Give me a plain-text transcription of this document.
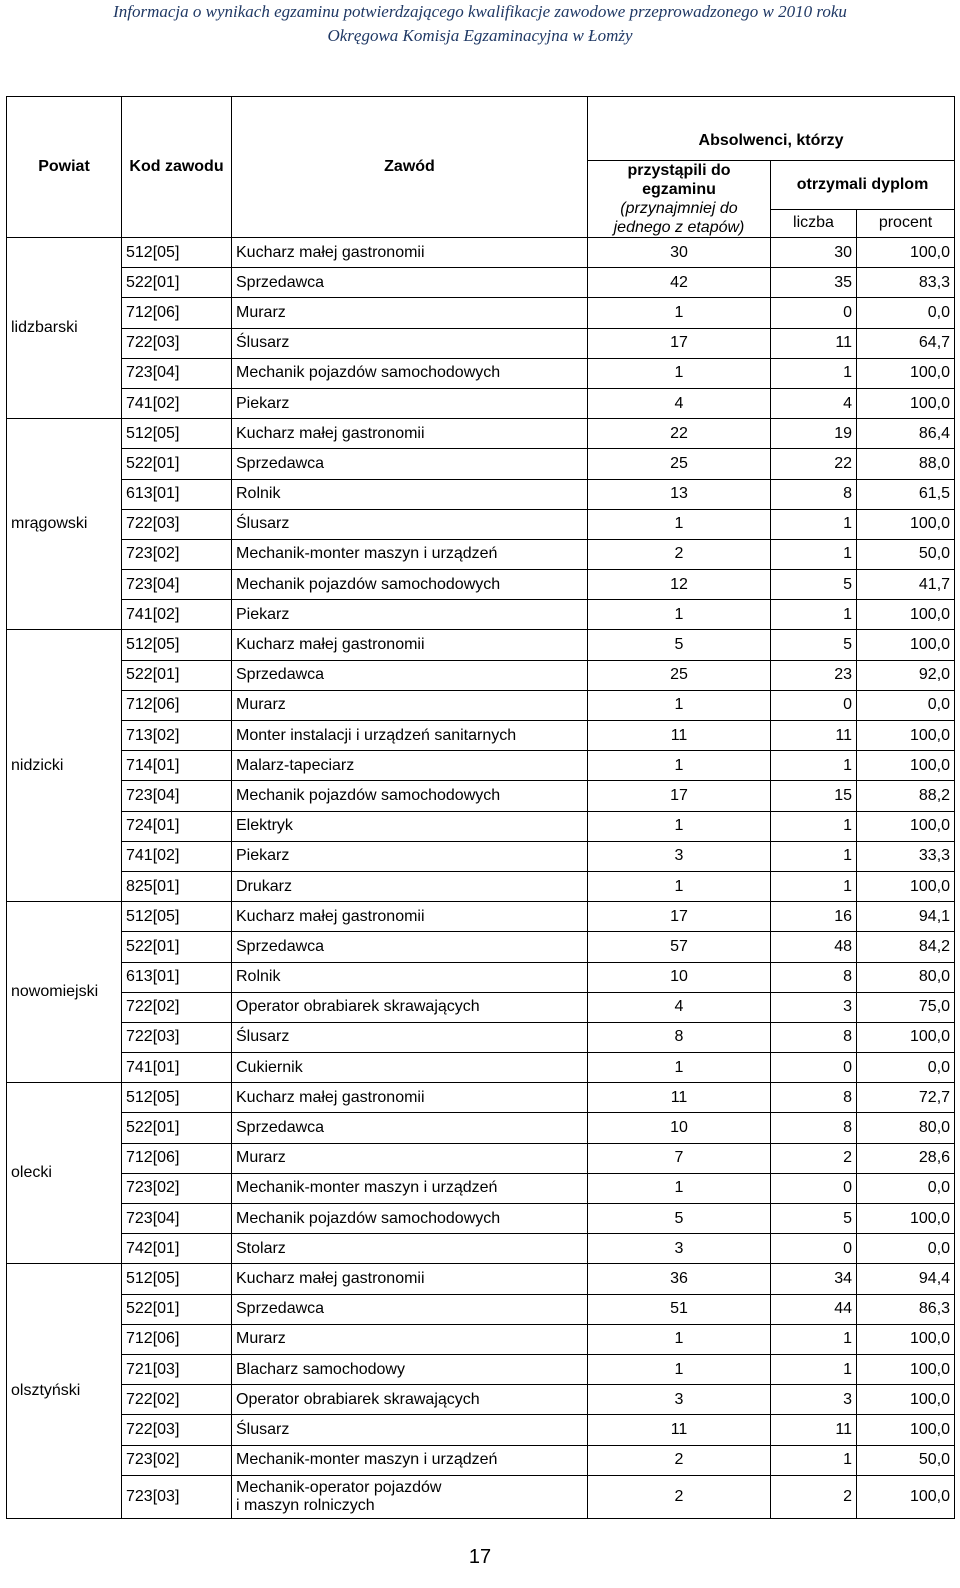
Informacja o wynikach egzaminu potwierdzającego kwalifikacje zawodowe przeprowadzonego w 2010 roku
Okręgowa Komisja Egzaminacyjna w Łomży
Powiat	Kod zawodu	Zawód	Absolwenci, którzy		

			przystąpili do egzaminu
(przynajmniej do
jednego z etapów)	otrzymali dyplom	
				liczba	procent
lidzbarski	512[05]	Kucharz małej gastronomii	30	30	100,0
	522[01]	Sprzedawca	42	35	83,3
	712[06]	Murarz	1	0	0,0
	722[03]	Ślusarz	17	11	64,7
	723[04]	Mechanik pojazdów samochodowych	1	1	100,0
	741[02]	Piekarz	4	4	100,0
mrągowski	512[05]	Kucharz małej gastronomii	22	19	86,4
	522[01]	Sprzedawca	25	22	88,0
	613[01]	Rolnik	13	8	61,5
	722[03]	Ślusarz	1	1	100,0
	723[02]	Mechanik-monter maszyn i urządzeń	2	1	50,0
	723[04]	Mechanik pojazdów samochodowych	12	5	41,7
	741[02]	Piekarz	1	1	100,0
nidzicki	512[05]	Kucharz małej gastronomii	5	5	100,0
	522[01]	Sprzedawca	25	23	92,0
	712[06]	Murarz	1	0	0,0
	713[02]	Monter instalacji i urządzeń sanitarnych	11	11	100,0
	714[01]	Malarz-tapeciarz	1	1	100,0
	723[04]	Mechanik pojazdów samochodowych	17	15	88,2
	724[01]	Elektryk	1	1	100,0
	741[02]	Piekarz	3	1	33,3
	825[01]	Drukarz	1	1	100,0
nowomiejski	512[05]	Kucharz małej gastronomii	17	16	94,1
	522[01]	Sprzedawca	57	48	84,2
	613[01]	Rolnik	10	8	80,0
	722[02]	Operator obrabiarek skrawających	4	3	75,0
	722[03]	Ślusarz	8	8	100,0
	741[01]	Cukiernik	1	0	0,0
olecki	512[05]	Kucharz małej gastronomii	11	8	72,7
	522[01]	Sprzedawca	10	8	80,0
	712[06]	Murarz	7	2	28,6
	723[02]	Mechanik-monter maszyn i urządzeń	1	0	0,0
	723[04]	Mechanik pojazdów samochodowych	5	5	100,0
	742[01]	Stolarz	3	0	0,0
olsztyński	512[05]	Kucharz małej gastronomii	36	34	94,4
	522[01]	Sprzedawca	51	44	86,3
	712[06]	Murarz	1	1	100,0
	721[03]	Blacharz samochodowy	1	1	100,0
	722[02]	Operator obrabiarek skrawających	3	3	100,0
	722[03]	Ślusarz	11	11	100,0
	723[02]	Mechanik-monter maszyn i urządzeń	2	1	50,0
	723[03]	Mechanik-operator pojazdów
i maszyn rolniczych	2	2	100,0
17
